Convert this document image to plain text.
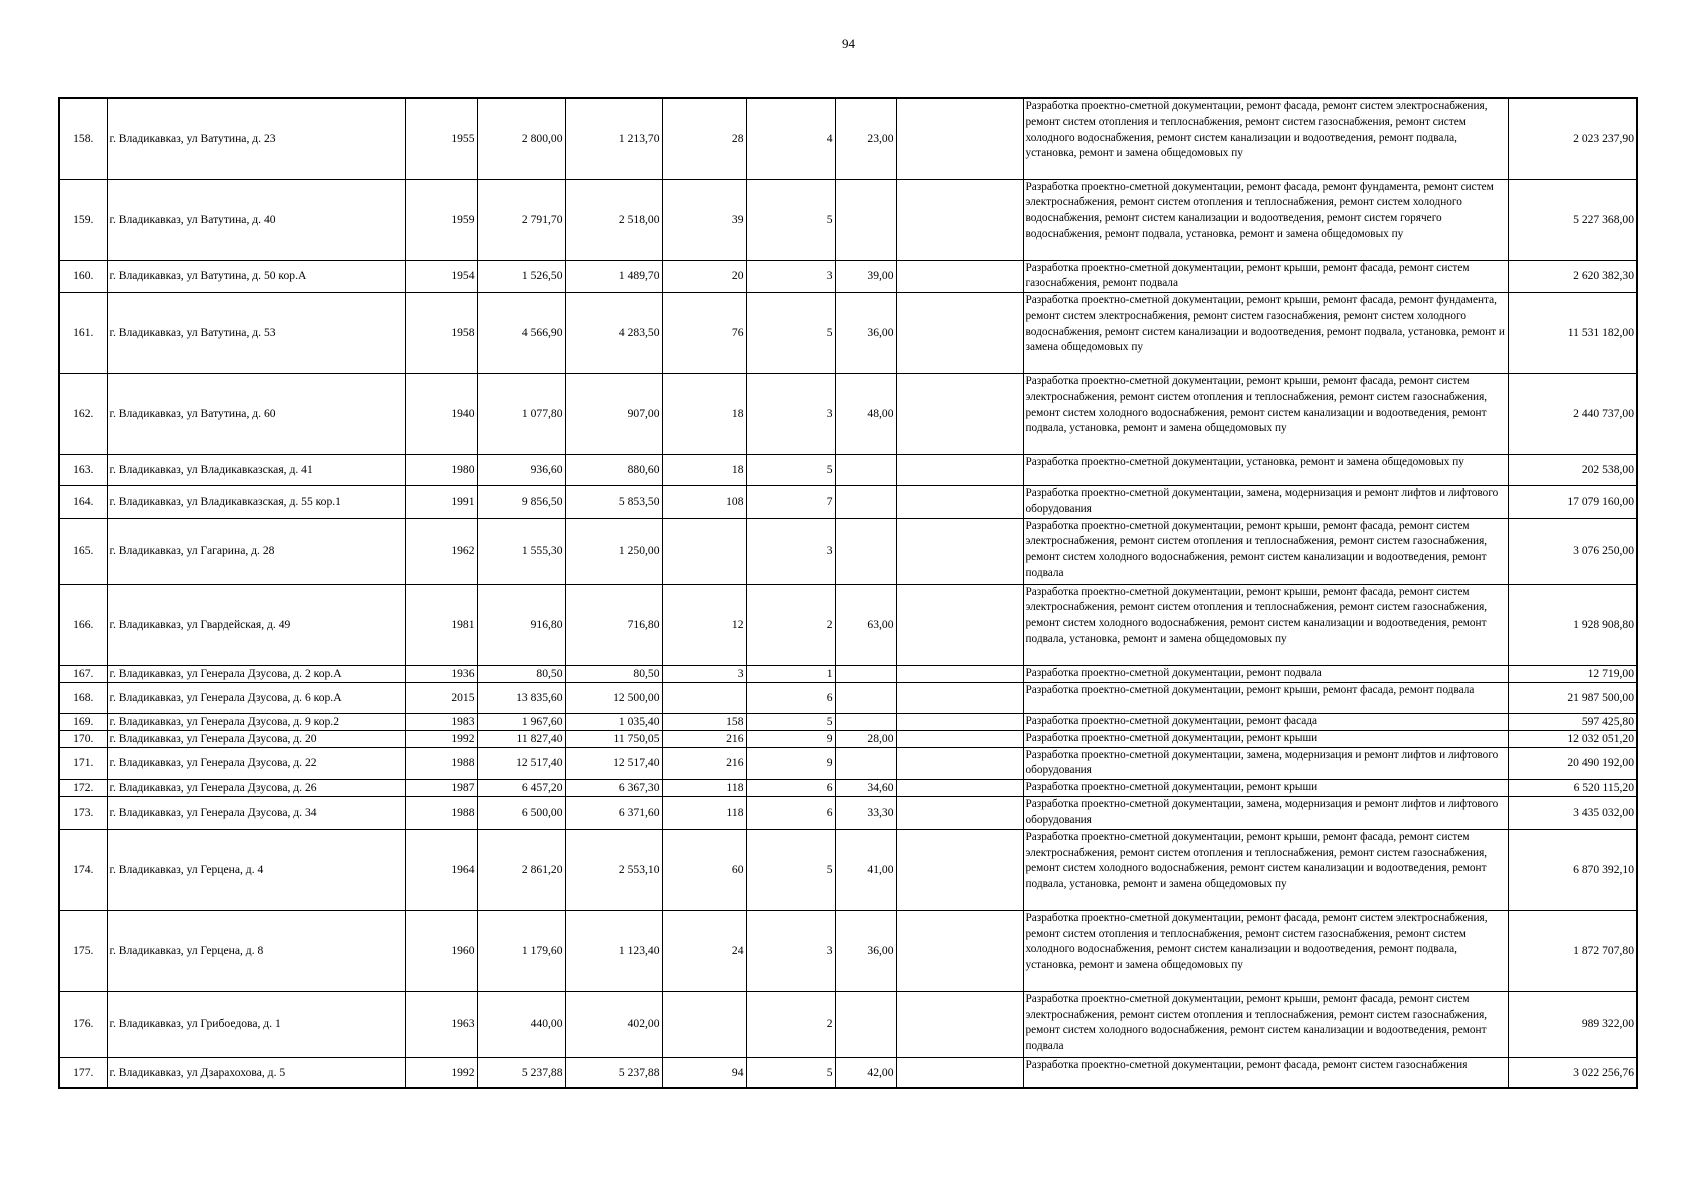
94
158.	г. Владикавказ, ул Ватутина, д. 23	1955	2 800,00	1 213,70	28	4	23,00		Разработка проектно-сметной документации, ремонт фасада, ремонт систем электроснабжения, ремонт систем отопления и теплоснабжения, ремонт систем газоснабжения, ремонт систем холодного водоснабжения, ремонт систем канализации и водоотведения, ремонт подвала, установка, ремонт и замена общедомовых пу	2 023 237,90
159.	г. Владикавказ, ул Ватутина, д. 40	1959	2 791,70	2 518,00	39	5			Разработка проектно-сметной документации, ремонт фасада, ремонт фундамента, ремонт систем электроснабжения, ремонт систем отопления и теплоснабжения, ремонт систем холодного водоснабжения, ремонт систем канализации и водоотведения, ремонт систем горячего водоснабжения, ремонт подвала, установка, ремонт и замена общедомовых пу	5 227 368,00
160.	г. Владикавказ, ул Ватутина, д. 50 кор.А	1954	1 526,50	1 489,70	20	3	39,00		Разработка проектно-сметной документации, ремонт крыши, ремонт фасада, ремонт систем газоснабжения, ремонт подвала	2 620 382,30
161.	г. Владикавказ, ул Ватутина, д. 53	1958	4 566,90	4 283,50	76	5	36,00		Разработка проектно-сметной документации, ремонт крыши, ремонт фасада, ремонт фундамента, ремонт систем электроснабжения, ремонт систем газоснабжения, ремонт систем холодного водоснабжения, ремонт систем канализации и водоотведения, ремонт подвала, установка, ремонт и замена общедомовых пу	11 531 182,00
162.	г. Владикавказ, ул Ватутина, д. 60	1940	1 077,80	907,00	18	3	48,00		Разработка проектно-сметной документации, ремонт крыши, ремонт фасада, ремонт систем электроснабжения, ремонт систем отопления и теплоснабжения, ремонт систем газоснабжения, ремонт систем холодного водоснабжения, ремонт систем канализации и водоотведения, ремонт подвала, установка, ремонт и замена общедомовых пу	2 440 737,00
163.	г. Владикавказ, ул Владикавказская, д. 41	1980	936,60	880,60	18	5			Разработка проектно-сметной документации, установка, ремонт и замена общедомовых пу	202 538,00
164.	г. Владикавказ, ул Владикавказская, д. 55 кор.1	1991	9 856,50	5 853,50	108	7			Разработка проектно-сметной документации, замена, модернизация и ремонт лифтов и лифтового оборудования	17 079 160,00
165.	г. Владикавказ, ул Гагарина, д. 28	1962	1 555,30	1 250,00		3			Разработка проектно-сметной документации, ремонт крыши, ремонт фасада, ремонт систем электроснабжения, ремонт систем отопления и теплоснабжения, ремонт систем газоснабжения, ремонт систем холодного водоснабжения, ремонт систем канализации и водоотведения, ремонт подвала	3 076 250,00
166.	г. Владикавказ, ул Гвардейская, д. 49	1981	916,80	716,80	12	2	63,00		Разработка проектно-сметной документации, ремонт крыши, ремонт фасада, ремонт систем электроснабжения, ремонт систем отопления и теплоснабжения, ремонт систем газоснабжения, ремонт систем холодного водоснабжения, ремонт систем канализации и водоотведения, ремонт подвала, установка, ремонт и замена общедомовых пу	1 928 908,80
167.	г. Владикавказ, ул Генерала Дзусова, д. 2 кор.А	1936	80,50	80,50	3	1			Разработка проектно-сметной документации, ремонт подвала	12 719,00
168.	г. Владикавказ, ул Генерала Дзусова, д. 6 кор.А	2015	13 835,60	12 500,00		6			Разработка проектно-сметной документации, ремонт крыши, ремонт фасада, ремонт подвала	21 987 500,00
169.	г. Владикавказ, ул Генерала Дзусова, д. 9 кор.2	1983	1 967,60	1 035,40	158	5			Разработка проектно-сметной документации, ремонт фасада	597 425,80
170.	г. Владикавказ, ул Генерала Дзусова, д. 20	1992	11 827,40	11 750,05	216	9	28,00		Разработка проектно-сметной документации, ремонт крыши	12 032 051,20
171.	г. Владикавказ, ул Генерала Дзусова, д. 22	1988	12 517,40	12 517,40	216	9			Разработка проектно-сметной документации, замена, модернизация и ремонт лифтов и лифтового оборудования	20 490 192,00
172.	г. Владикавказ, ул Генерала Дзусова, д. 26	1987	6 457,20	6 367,30	118	6	34,60		Разработка проектно-сметной документации, ремонт крыши	6 520 115,20
173.	г. Владикавказ, ул Генерала Дзусова, д. 34	1988	6 500,00	6 371,60	118	6	33,30		Разработка проектно-сметной документации, замена, модернизация и ремонт лифтов и лифтового оборудования	3 435 032,00
174.	г. Владикавказ, ул Герцена, д. 4	1964	2 861,20	2 553,10	60	5	41,00		Разработка проектно-сметной документации, ремонт крыши, ремонт фасада, ремонт систем электроснабжения, ремонт систем отопления и теплоснабжения, ремонт систем газоснабжения, ремонт систем холодного водоснабжения, ремонт систем канализации и водоотведения, ремонт подвала, установка, ремонт и замена общедомовых пу	6 870 392,10
175.	г. Владикавказ, ул Герцена, д. 8	1960	1 179,60	1 123,40	24	3	36,00		Разработка проектно-сметной документации, ремонт фасада, ремонт систем электроснабжения, ремонт систем отопления и теплоснабжения, ремонт систем газоснабжения, ремонт систем холодного водоснабжения, ремонт систем канализации и водоотведения, ремонт подвала, установка, ремонт и замена общедомовых пу	1 872 707,80
176.	г. Владикавказ, ул Грибоедова, д. 1	1963	440,00	402,00		2			Разработка проектно-сметной документации, ремонт крыши, ремонт фасада, ремонт систем электроснабжения, ремонт систем отопления и теплоснабжения, ремонт систем газоснабжения, ремонт систем холодного водоснабжения, ремонт систем канализации и водоотведения, ремонт подвала	989 322,00
177.	г. Владикавказ, ул Дзарахохова, д. 5	1992	5 237,88	5 237,88	94	5	42,00		Разработка проектно-сметной документации, ремонт фасада, ремонт систем газоснабжения	3 022 256,76
